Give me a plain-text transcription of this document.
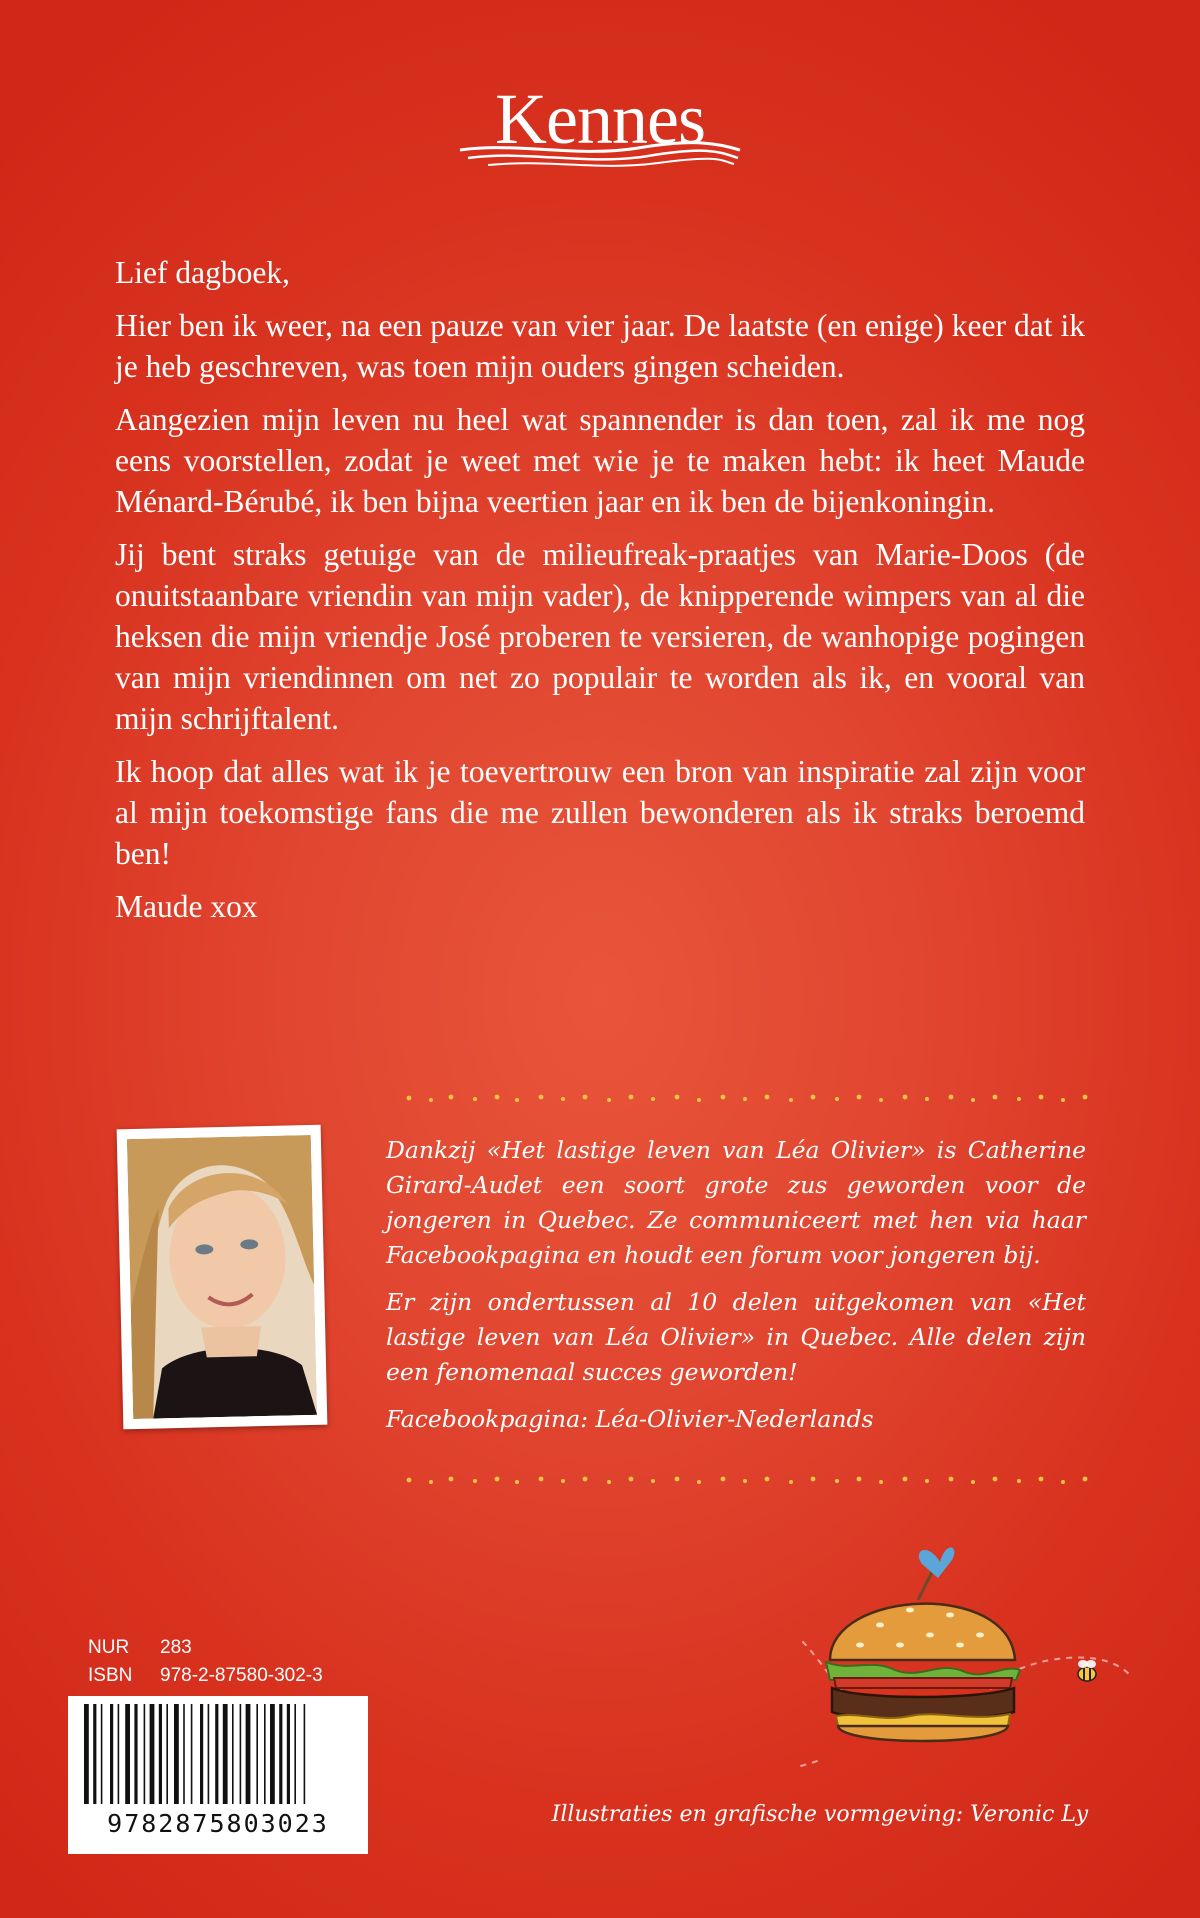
Kennes

Lief dagboek,

Hier ben ik weer, na een pauze van vier jaar. De laatste (en enige) keer dat ik je heb geschreven, was toen mijn ouders gingen scheiden.

Aangezien mijn leven nu heel wat spannender is dan toen, zal ik me nog eens voorstellen, zodat je weet met wie je te maken hebt: ik heet Maude Ménard-Bérubé, ik ben bijna veertien jaar en ik ben de bijenkoningin.

Jij bent straks getuige van de milieufreak-praatjes van Marie-Doos (de onuitstaanbare vriendin van mijn vader), de knipperende wimpers van al die heksen die mijn vriendje José proberen te versieren, de wanhopige pogingen van mijn vriendinnen om net zo populair te worden als ik, en vooral van mijn schrijftalent.

Ik hoop dat alles wat ik je toevertrouw een bron van inspiratie zal zijn voor al mijn toekomstige fans die me zullen bewonderen als ik straks beroemd ben!

Maude xox

Dankzij «Het lastige leven van Léa Olivier» is Catherine Girard-Audet een soort grote zus geworden voor de jongeren in Quebec. Ze communiceert met hen via haar Facebookpagina en houdt een forum voor jongeren bij.

Er zijn ondertussen al 10 delen uitgekomen van «Het lastige leven van Léa Olivier» in Quebec. Alle delen zijn een fenomenaal succes geworden!

Facebookpagina: Léa-Olivier-Nederlands

NUR 283
ISBN 978-2-87580-302-3
9782875803023	Illustraties en grafische vormgeving: Veronic Ly
